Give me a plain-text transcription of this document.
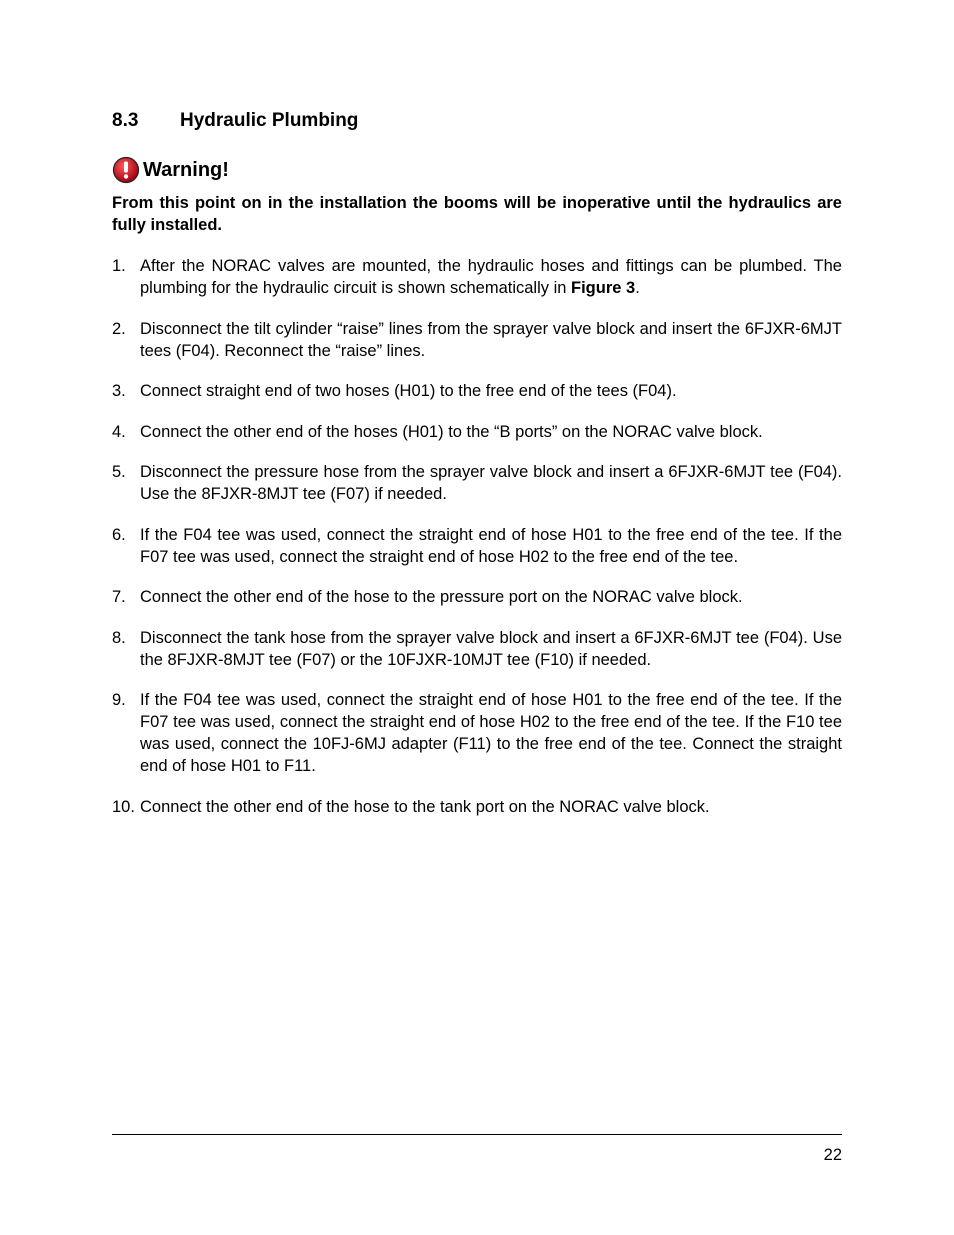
8.3 Hydraulic Plumbing
Warning!

From this point on in the installation the booms will be inoperative until the hydraulics are fully installed.

1. After the NORAC valves are mounted, the hydraulic hoses and fittings can be plumbed. The plumbing for the hydraulic circuit is shown schematically in Figure 3.
2. Disconnect the tilt cylinder “raise” lines from the sprayer valve block and insert the 6FJXR-6MJT tees (F04). Reconnect the “raise” lines.
3. Connect straight end of two hoses (H01) to the free end of the tees (F04).
4. Connect the other end of the hoses (H01) to the “B ports” on the NORAC valve block.
5. Disconnect the pressure hose from the sprayer valve block and insert a 6FJXR-6MJT tee (F04). Use the 8FJXR-8MJT tee (F07) if needed.
6. If the F04 tee was used, connect the straight end of hose H01 to the free end of the tee. If the F07 tee was used, connect the straight end of hose H02 to the free end of the tee.
7. Connect the other end of the hose to the pressure port on the NORAC valve block.
8. Disconnect the tank hose from the sprayer valve block and insert a 6FJXR-6MJT tee (F04). Use the 8FJXR-8MJT tee (F07) or the 10FJXR-10MJT tee (F10) if needed.
9. If the F04 tee was used, connect the straight end of hose H01 to the free end of the tee. If the F07 tee was used, connect the straight end of hose H02 to the free end of the tee. If the F10 tee was used, connect the 10FJ-6MJ adapter (F11) to the free end of the tee. Connect the straight end of hose H01 to F11.
10. Connect the other end of the hose to the tank port on the NORAC valve block.
22
